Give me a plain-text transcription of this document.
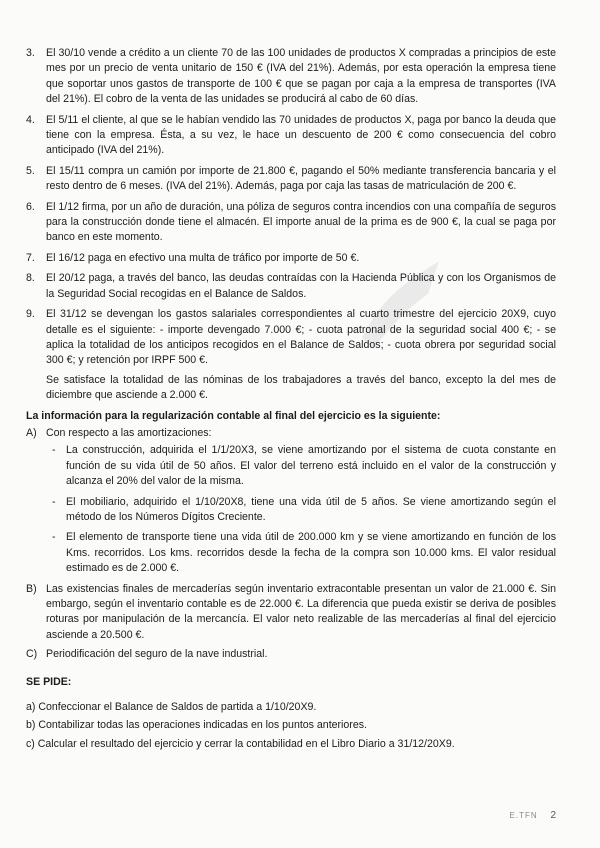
3. El 30/10 vende a crédito a un cliente 70 de las 100 unidades de productos X compradas a principios de este mes por un precio de venta unitario de 150 € (IVA del 21%). Además, por esta operación la empresa tiene que soportar unos gastos de transporte de 100 € que se pagan por caja a la empresa de transportes (IVA del 21%). El cobro de la venta de las unidades se producirá al cabo de 60 días.

4. El 5/11 el cliente, al que se le habían vendido las 70 unidades de productos X, paga por banco la deuda que tiene con la empresa. Ésta, a su vez, le hace un descuento de 200 € como consecuencia del cobro anticipado (IVA del 21%).

5. El 15/11 compra un camión por importe de 21.800 €, pagando el 50% mediante transferencia bancaria y el resto dentro de 6 meses. (IVA del 21%). Además, paga por caja las tasas de matriculación de 200 €.

6. El 1/12 firma, por un año de duración, una póliza de seguros contra incendios con una compañía de seguros para la construcción donde tiene el almacén. El importe anual de la prima es de 900 €, la cual se paga por banco en este momento.

7. El 16/12 paga en efectivo una multa de tráfico por importe de 50 €.

8. El 20/12 paga, a través del banco, las deudas contraídas con la Hacienda Pública y con los Organismos de la Seguridad Social recogidas en el Balance de Saldos.

9. El 31/12 se devengan los gastos salariales correspondientes al cuarto trimestre del ejercicio 20X9, cuyo detalle es el siguiente: - importe devengado 7.000 €; - cuota patronal de la seguridad social 400 €; - se aplica la totalidad de los anticipos recogidos en el Balance de Saldos; - cuota obrera por seguridad social 300 €; y retención por IRPF 500 €.

Se satisface la totalidad de las nóminas de los trabajadores a través del banco, excepto la del mes de diciembre que asciende a 2.000 €.

La información para la regularización contable al final del ejercicio es la siguiente:
A) Con respecto a las amortizaciones:
- La construcción, adquirida el 1/1/20X3, se viene amortizando por el sistema de cuota constante en función de su vida útil de 50 años. El valor del terreno está incluido en el valor de la construcción y alcanza el 20% del valor de la misma.
- El mobiliario, adquirido el 1/10/20X8, tiene una vida útil de 5 años. Se viene amortizando según el método de los Números Dígitos Creciente.
- El elemento de transporte tiene una vida útil de 200.000 km y se viene amortizando en función de los Kms. recorridos. Los kms. recorridos desde la fecha de la compra son 10.000 kms. El valor residual estimado es de 2.000 €.
B) Las existencias finales de mercaderías según inventario extracontable presentan un valor de 21.000 €. Sin embargo, según el inventario contable es de 22.000 €. La diferencia que pueda existir se deriva de posibles roturas por manipulación de la mercancía. El valor neto realizable de las mercaderías al final del ejercicio asciende a 20.500 €.
C) Periodificación del seguro de la nave industrial.
SE PIDE:
a) Confeccionar el Balance de Saldos de partida a 1/10/20X9.
b) Contabilizar todas las operaciones indicadas en los puntos anteriores.
c) Calcular el resultado del ejercicio y cerrar la contabilidad en el Libro Diario a 31/12/20X9.
E.TFN 2
